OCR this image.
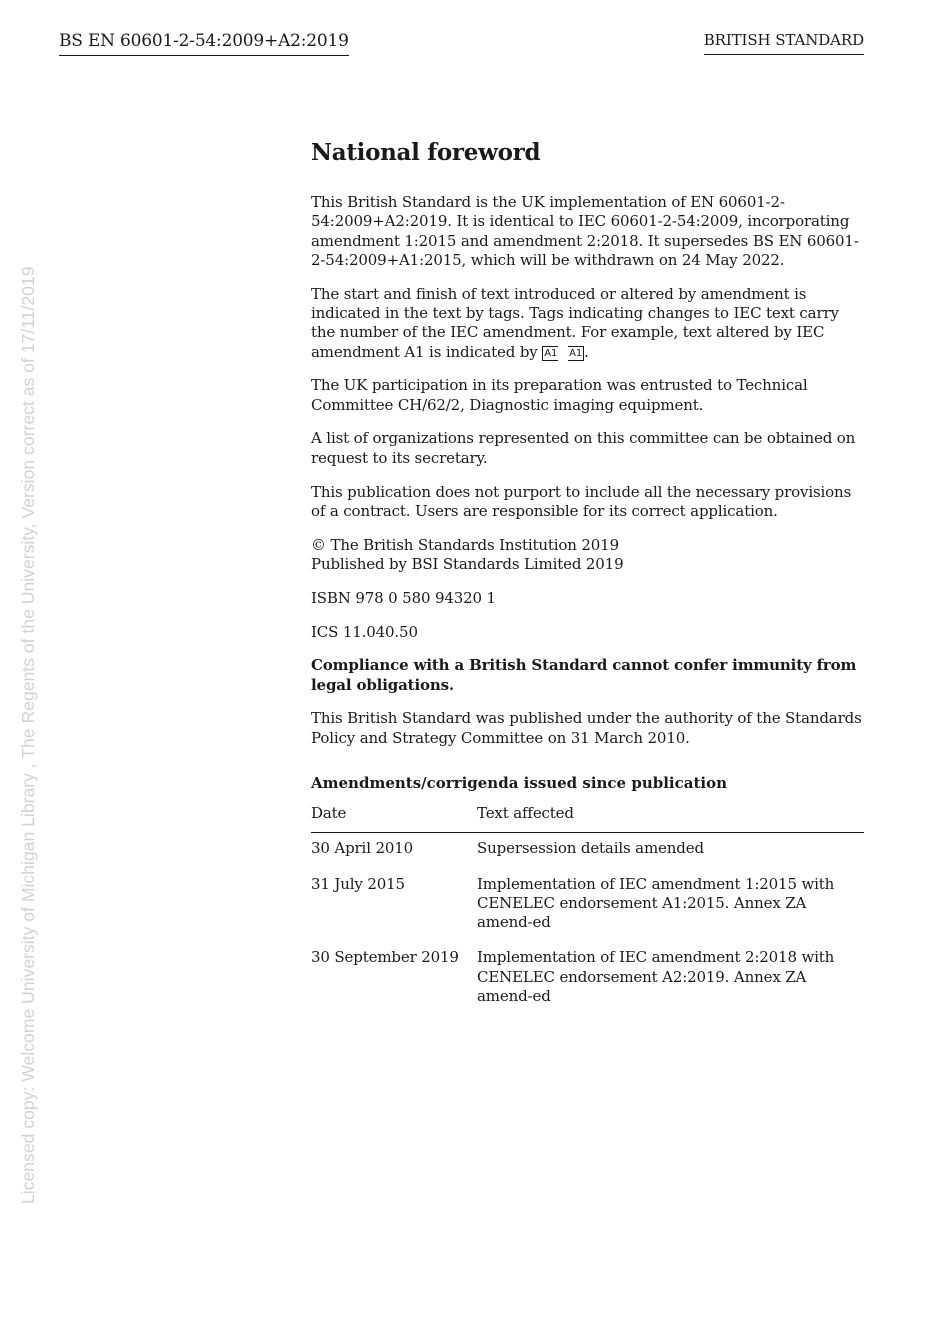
BS EN 60601-2-54:2009+A2:2019	BRITISH STANDARD
Licensed copy: Welcome University of Michigan Library , The Regents of the University, Version correct as of 17/11/2019
National foreword

This British Standard is the UK implementation of EN 60601-2-54:2009+A2:2019. It is identical to IEC 60601-2-54:2009, incorporating amendment 1:2015 and amendment 2:2018. It supersedes BS EN 60601-2-54:2009+A1:2015, which will be withdrawn on 24 May 2022.

The start and finish of text introduced or altered by amendment is indicated in the text by tags. Tags indicating changes to IEC text carry the number of the IEC amendment. For example, text altered by IEC amendment A1 is indicated by A1 A1 .

The UK participation in its preparation was entrusted to Technical Committee CH/62/2, Diagnostic imaging equipment.

A list of organizations represented on this committee can be obtained on request to its secretary.

This publication does not purport to include all the necessary provisions of a contract. Users are responsible for its correct application.

© The British Standards Institution 2019
Published by BSI Standards Limited 2019

ISBN 978 0 580 94320 1

ICS 11.040.50

Compliance with a British Standard cannot confer immunity from legal obligations.

This British Standard was published under the authority of the Standards Policy and Strategy Committee on 31 March 2010.

Amendments/corrigenda issued since publication
Date	Text affected
30 April 2010	Supersession details amended
31 July 2015	Implementation of IEC amendment 1:2015 with CENELEC endorsement A1:2015. Annex ZA amend-ed
30 September 2019	Implementation of IEC amendment 2:2018 with CENELEC endorsement A2:2019. Annex ZA amend-ed
